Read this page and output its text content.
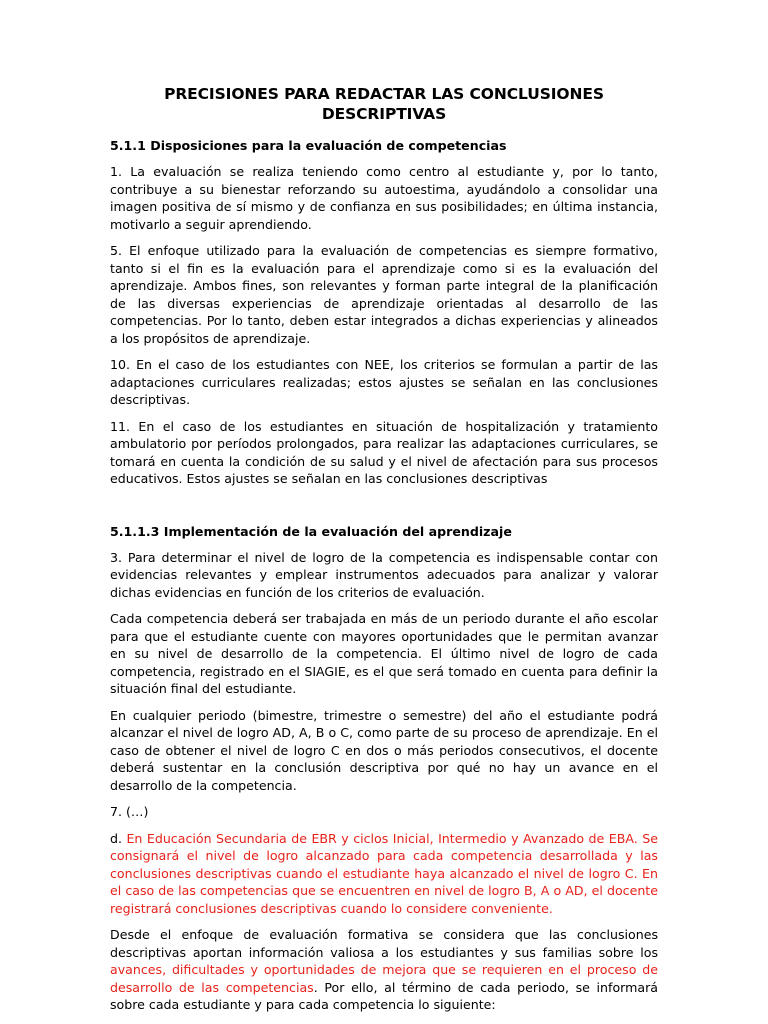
PRECISIONES PARA REDACTAR LAS CONCLUSIONES DESCRIPTIVAS
5.1.1 Disposiciones para la evaluación de competencias

1. La evaluación se realiza teniendo como centro al estudiante y, por lo tanto, contribuye a su bienestar reforzando su autoestima, ayudándolo a consolidar una imagen positiva de sí mismo y de confianza en sus posibilidades; en última instancia, motivarlo a seguir aprendiendo.

5. El enfoque utilizado para la evaluación de competencias es siempre formativo, tanto si el fin es la evaluación para el aprendizaje como si es la evaluación del aprendizaje. Ambos fines, son relevantes y forman parte integral de la planificación de las diversas experiencias de aprendizaje orientadas al desarrollo de las competencias. Por lo tanto, deben estar integrados a dichas experiencias y alineados a los propósitos de aprendizaje.

10. En el caso de los estudiantes con NEE, los criterios se formulan a partir de las adaptaciones curriculares realizadas; estos ajustes se señalan en las conclusiones descriptivas.

11. En el caso de los estudiantes en situación de hospitalización y tratamiento ambulatorio por períodos prolongados, para realizar las adaptaciones curriculares, se tomará en cuenta la condición de su salud y el nivel de afectación para sus procesos educativos. Estos ajustes se señalan en las conclusiones descriptivas

5.1.1.3 Implementación de la evaluación del aprendizaje

3. Para determinar el nivel de logro de la competencia es indispensable contar con evidencias relevantes y emplear instrumentos adecuados para analizar y valorar dichas evidencias en función de los criterios de evaluación.

Cada competencia deberá ser trabajada en más de un periodo durante el año escolar para que el estudiante cuente con mayores oportunidades que le permitan avanzar en su nivel de desarrollo de la competencia. El último nivel de logro de cada competencia, registrado en el SIAGIE, es el que será tomado en cuenta para definir la situación final del estudiante.

En cualquier periodo (bimestre, trimestre o semestre) del año el estudiante podrá alcanzar el nivel de logro AD, A, B o C, como parte de su proceso de aprendizaje. En el caso de obtener el nivel de logro C en dos o más periodos consecutivos, el docente deberá sustentar en la conclusión descriptiva por qué no hay un avance en el desarrollo de la competencia.

7. (…)

d. En Educación Secundaria de EBR y ciclos Inicial, Intermedio y Avanzado de EBA. Se consignará el nivel de logro alcanzado para cada competencia desarrollada y las conclusiones descriptivas cuando el estudiante haya alcanzado el nivel de logro C. En el caso de las competencias que se encuentren en nivel de logro B, A o AD, el docente registrará conclusiones descriptivas cuando lo considere conveniente.

Desde el enfoque de evaluación formativa se considera que las conclusiones descriptivas aportan información valiosa a los estudiantes y sus familias sobre los avances, dificultades y oportunidades de mejora que se requieren en el proceso de desarrollo de las competencias. Por ello, al término de cada periodo, se informará sobre cada estudiante y para cada competencia lo siguiente:
